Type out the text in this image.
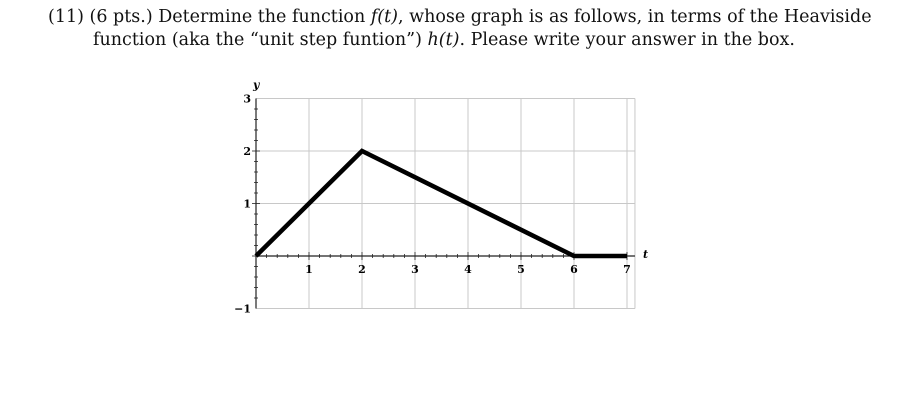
(11) (6 pts.) Determine the function f(t), whose graph is as follows, in terms of the Heaviside
function (aka the “unit step funtion”) h(t). Please write your answer in the box.
1	2	3	4	5	6	7
−1
1
2
3
t
y
